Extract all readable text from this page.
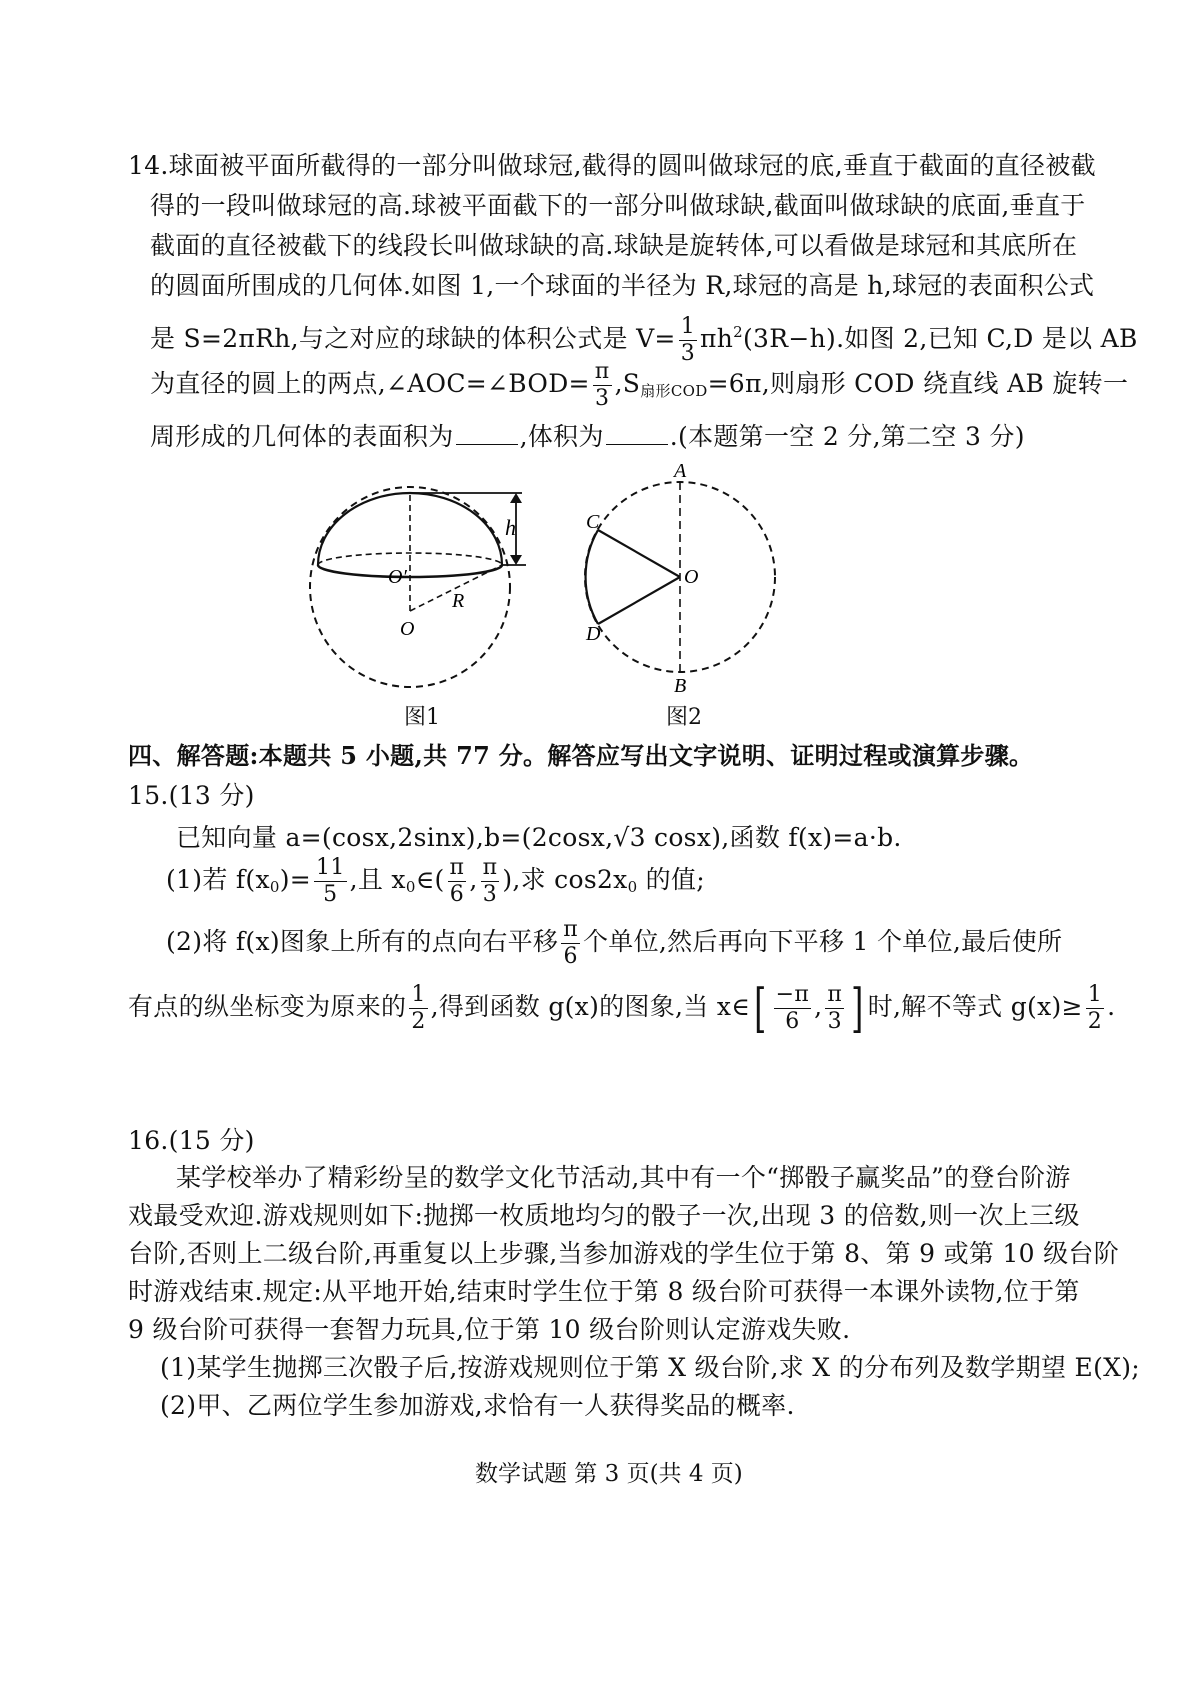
14.球面被平面所截得的一部分叫做球冠,截得的圆叫做球冠的底,垂直于截面的直径被截
得的一段叫做球冠的高.球被平面截下的一部分叫做球缺,截面叫做球缺的底面,垂直于
截面的直径被截下的线段长叫做球缺的高.球缺是旋转体,可以看做是球冠和其底所在
的圆面所围成的几何体.如图 1,一个球面的半径为 R,球冠的高是 h,球冠的表面积公式
是 S=2πRh,与之对应的球缺的体积公式是 $V= \frac{1}{3} \pi h^2(3R-h)$.如图 2,已知 C,D 是以 AB
为直径的圆上的两点,∠AOC=∠BOD= $\frac{\pi}{3} ,S_{扇形COD}=6\pi$,则扇形 COD 绕直线 AB 旋转一
周形成的几何体的表面积为	,体积为	.(本题第一空 2 分,第二空 3 分)
h
O′
R
O
图1
A
B
C
D
O
图2
四、解答题:本题共 5 小题,共 77 分。解答应写出文字说明、证明过程或演算步骤。
15.(13 分)
已知向量 a=(cosx,2sinx),b=(2cosx,√3 cosx),函数 f(x)=a·b.
(1)若 $f(x_0)= \frac{11}{5}$ ,且 $x_0\in( \frac{\pi}{6}$ , $\frac{\pi}{3}$ ),求 $\cos 2x_0$ 的值;
(2)将 f(x)图象上所有的点向右平移 $\frac{\pi}{6}$ 个单位,然后再向下平移 1 个单位,最后使所
有点的纵坐标变为原来的 $\frac{1}{2}$ ,得到函数 g(x)的图象,当 x∈[ $\frac{-\pi}{6}$ , $\frac{\pi}{3}$ ] 时,解不等式 $g(x)\ge \frac{1}{2}$ .
16.(15 分)
某学校举办了精彩纷呈的数学文化节活动,其中有一个“掷骰子赢奖品”的登台阶游
戏最受欢迎.游戏规则如下:抛掷一枚质地均匀的骰子一次,出现 3 的倍数,则一次上三级
台阶,否则上二级台阶,再重复以上步骤,当参加游戏的学生位于第 8、第 9 或第 10 级台阶
时游戏结束.规定:从平地开始,结束时学生位于第 8 级台阶可获得一本课外读物,位于第
9 级台阶可获得一套智力玩具,位于第 10 级台阶则认定游戏失败.
(1)某学生抛掷三次骰子后,按游戏规则位于第 X 级台阶,求 X 的分布列及数学期望 E(X);
(2)甲、乙两位学生参加游戏,求恰有一人获得奖品的概率.
数学试题 第 3 页(共 4 页)
